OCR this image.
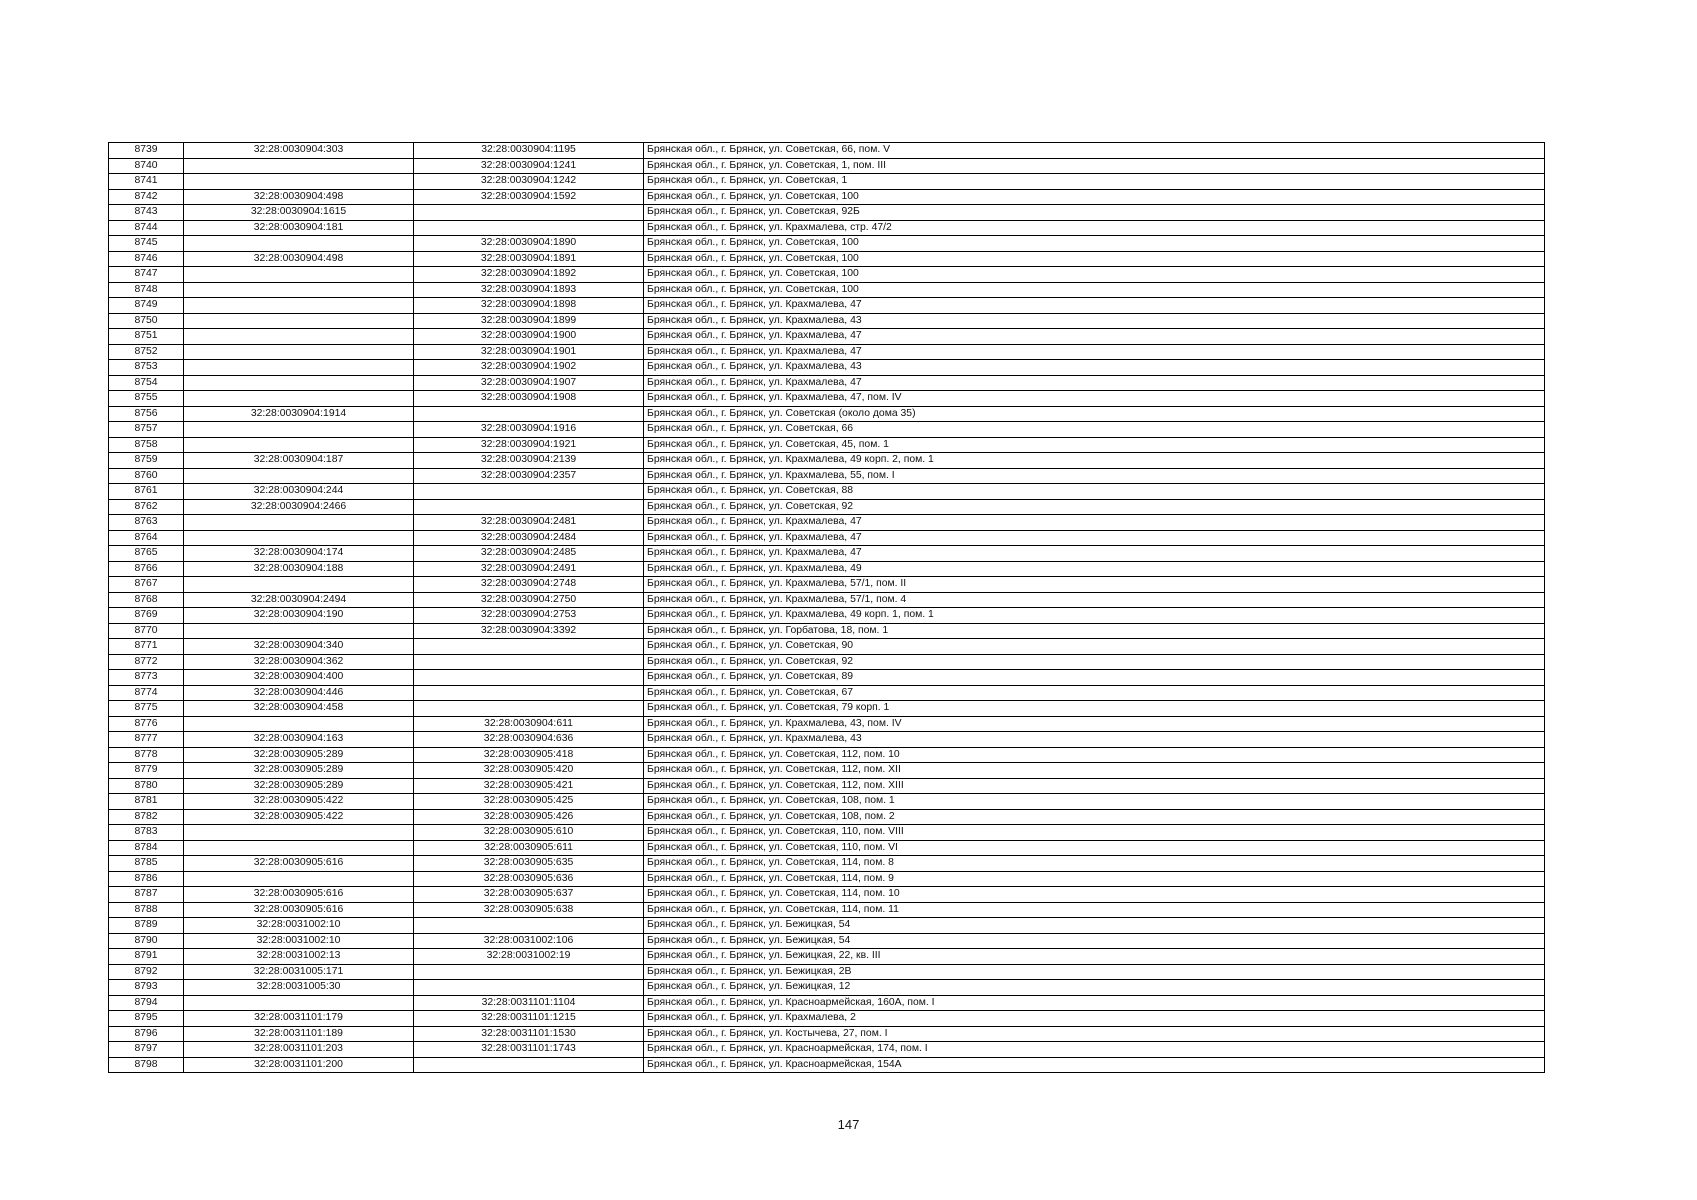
8739	32:28:0030904:303	32:28:0030904:1195	Брянская обл., г. Брянск, ул. Советская, 66, пом. V
8740		32:28:0030904:1241	Брянская обл., г. Брянск, ул. Советская, 1, пом. III
8741		32:28:0030904:1242	Брянская обл., г. Брянск, ул. Советская, 1
8742	32:28:0030904:498	32:28:0030904:1592	Брянская обл., г. Брянск, ул. Советская, 100
8743	32:28:0030904:1615		Брянская обл., г. Брянск, ул. Советская, 92Б
8744	32:28:0030904:181		Брянская обл., г. Брянск, ул. Крахмалева, стр. 47/2
8745		32:28:0030904:1890	Брянская обл., г. Брянск, ул. Советская, 100
8746	32:28:0030904:498	32:28:0030904:1891	Брянская обл., г. Брянск, ул. Советская, 100
8747		32:28:0030904:1892	Брянская обл., г. Брянск, ул. Советская, 100
8748		32:28:0030904:1893	Брянская обл., г. Брянск, ул. Советская, 100
8749		32:28:0030904:1898	Брянская обл., г. Брянск, ул. Крахмалева, 47
8750		32:28:0030904:1899	Брянская обл., г. Брянск, ул. Крахмалева, 43
8751		32:28:0030904:1900	Брянская обл., г. Брянск, ул. Крахмалева, 47
8752		32:28:0030904:1901	Брянская обл., г. Брянск, ул. Крахмалева, 47
8753		32:28:0030904:1902	Брянская обл., г. Брянск, ул. Крахмалева, 43
8754		32:28:0030904:1907	Брянская обл., г. Брянск, ул. Крахмалева, 47
8755		32:28:0030904:1908	Брянская обл., г. Брянск, ул. Крахмалева, 47, пом. IV
8756	32:28:0030904:1914		Брянская обл., г. Брянск, ул. Советская (около дома 35)
8757		32:28:0030904:1916	Брянская обл., г. Брянск, ул. Советская, 66
8758		32:28:0030904:1921	Брянская обл., г. Брянск, ул. Советская, 45, пом. 1
8759	32:28:0030904:187	32:28:0030904:2139	Брянская обл., г. Брянск, ул. Крахмалева, 49 корп. 2, пом. 1
8760		32:28:0030904:2357	Брянская обл., г. Брянск, ул. Крахмалева, 55, пом. I
8761	32:28:0030904:244		Брянская обл., г. Брянск, ул. Советская, 88
8762	32:28:0030904:2466		Брянская обл., г. Брянск, ул. Советская, 92
8763		32:28:0030904:2481	Брянская обл., г. Брянск, ул. Крахмалева, 47
8764		32:28:0030904:2484	Брянская обл., г. Брянск, ул. Крахмалева, 47
8765	32:28:0030904:174	32:28:0030904:2485	Брянская обл., г. Брянск, ул. Крахмалева, 47
8766	32:28:0030904:188	32:28:0030904:2491	Брянская обл., г. Брянск, ул. Крахмалева, 49
8767		32:28:0030904:2748	Брянская обл., г. Брянск, ул. Крахмалева, 57/1, пом. II
8768	32:28:0030904:2494	32:28:0030904:2750	Брянская обл., г. Брянск, ул. Крахмалева, 57/1, пом. 4
8769	32:28:0030904:190	32:28:0030904:2753	Брянская обл., г. Брянск, ул. Крахмалева, 49 корп. 1, пом. 1
8770		32:28:0030904:3392	Брянская обл., г. Брянск, ул. Горбатова, 18, пом. 1
8771	32:28:0030904:340		Брянская обл., г. Брянск, ул. Советская, 90
8772	32:28:0030904:362		Брянская обл., г. Брянск, ул. Советская, 92
8773	32:28:0030904:400		Брянская обл., г. Брянск, ул. Советская, 89
8774	32:28:0030904:446		Брянская обл., г. Брянск, ул. Советская, 67
8775	32:28:0030904:458		Брянская обл., г. Брянск, ул. Советская, 79 корп. 1
8776		32:28:0030904:611	Брянская обл., г. Брянск, ул. Крахмалева, 43, пом. IV
8777	32:28:0030904:163	32:28:0030904:636	Брянская обл., г. Брянск, ул. Крахмалева, 43
8778	32:28:0030905:289	32:28:0030905:418	Брянская обл., г. Брянск, ул. Советская, 112, пом. 10
8779	32:28:0030905:289	32:28:0030905:420	Брянская обл., г. Брянск, ул. Советская, 112, пом. XII
8780	32:28:0030905:289	32:28:0030905:421	Брянская обл., г. Брянск, ул. Советская, 112, пом. XIII
8781	32:28:0030905:422	32:28:0030905:425	Брянская обл., г. Брянск, ул. Советская, 108, пом. 1
8782	32:28:0030905:422	32:28:0030905:426	Брянская обл., г. Брянск, ул. Советская, 108, пом. 2
8783		32:28:0030905:610	Брянская обл., г. Брянск, ул. Советская, 110, пом. VIII
8784		32:28:0030905:611	Брянская обл., г. Брянск, ул. Советская, 110, пом. VI
8785	32:28:0030905:616	32:28:0030905:635	Брянская обл., г. Брянск, ул. Советская, 114, пом. 8
8786		32:28:0030905:636	Брянская обл., г. Брянск, ул. Советская, 114, пом. 9
8787	32:28:0030905:616	32:28:0030905:637	Брянская обл., г. Брянск, ул. Советская, 114, пом. 10
8788	32:28:0030905:616	32:28:0030905:638	Брянская обл., г. Брянск, ул. Советская, 114, пом. 11
8789	32:28:0031002:10		Брянская обл., г. Брянск, ул. Бежицкая, 54
8790	32:28:0031002:10	32:28:0031002:106	Брянская обл., г. Брянск, ул. Бежицкая, 54
8791	32:28:0031002:13	32:28:0031002:19	Брянская обл., г. Брянск, ул. Бежицкая, 22, кв. III
8792	32:28:0031005:171		Брянская обл., г. Брянск, ул. Бежицкая, 2В
8793	32:28:0031005:30		Брянская обл., г. Брянск, ул. Бежицкая, 12
8794		32:28:0031101:1104	Брянская обл., г. Брянск, ул. Красноармейская, 160А, пом. I
8795	32:28:0031101:179	32:28:0031101:1215	Брянская обл., г. Брянск, ул. Крахмалева, 2
8796	32:28:0031101:189	32:28:0031101:1530	Брянская обл., г. Брянск, ул. Костычева, 27, пом. I
8797	32:28:0031101:203	32:28:0031101:1743	Брянская обл., г. Брянск, ул. Красноармейская, 174, пом. I
8798	32:28:0031101:200		Брянская обл., г. Брянск, ул. Красноармейская, 154А
147
